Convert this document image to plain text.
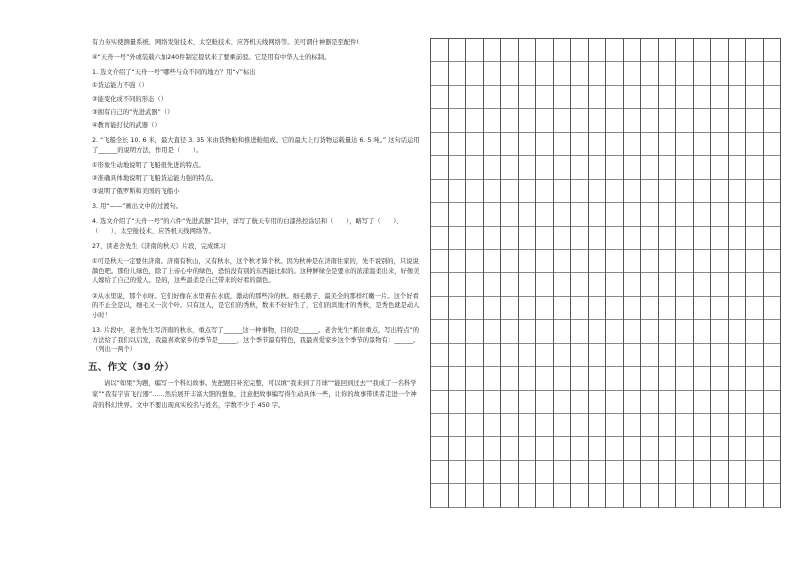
有力夯实使测量系统、网络发射技术、太空舱技术、应答机天线网络等。美可谓什神器是至配件!

④“天舟一号”外或装载六加240件制定提状来了要乘前驳。它是用有中华人士的标制。

1. 选文介绍了“天舟一号”哪些与众不同的地方？用“√”标出

①货运能力不强（）

②能变化成不同的形态（）

③拥有自己的“先进武器”（）

④教育能打仗的武器（）

2. “飞船全长 10. 6 米，最大直径 3. 35 米由货物舱和推进舱组成。它的最大上行货物运载量达 6. 5 吨。” 这句话运用了______的说明方法，作用是（　　）。

①形象生动地说明了飞船很先进的特点。

②准确具体地说明了飞船货运能力强的特点。

③说明了俄罗斯和美国的飞船小

3. 用“——”画出文中的过渡句。

4. 选文介绍了“天舟一号”的六件“先进武器”其中，详写了航天专用的白漆热控涂层和（　　），略写了（　　）、（　　）、太空舱技术、应答机天线网络等。

27、读老舍先生《济南的秋天》片段，完成练习

①可是秋天一定要住济南。济南有秋山，又有秋水，这个秋才算个秋。因为秋神是在济南住家的，先不说别的，只说说颜色吧。那份儿绿色，除了上帝心中的绿色，恐怕没有别的东西能比拟的。这种鲜绿全是要水的浓漾温柔出来，好像美人嫁给了自己的爱人。是的，这些温柔是自己带来的好看的颜色。

②从水里说，那个水呀。它们好像在水里着在水底，激动的那些冷的秋。细毛鹅子，最美全的那样红嫩一片。这个好看的不止全是以，细毛又一次个叶。只有这人，是它们的秀秋，数来不好好生了，它们的宾地才的秀秋，是秀色就是动人小时！

13. 片段中，老舍先生写济南的秋水，重点写了______这一种事物，目的是______。老舍先生“抓住重点，写出特点”的方法给了我们以启发，我最喜欢家乡的季节是______，这个季节最有特色，我最喜爱家乡这个季节的景物有：______。（列出一两个）

五、作文（30 分）

请以“如果”为题，编写一个科幻故事。先把题目补充完整，可以填“我来到了月球”“能回到过去”“我成了一名科学家”“我有宇宙飞行器”……然后展开丰富大胆的想象，注意把故事编写得生动具体一些，让你的故事带读者走进一个神奇的科幻世界。文中不要出现真实校名与姓名，字数不少于 450 字。
